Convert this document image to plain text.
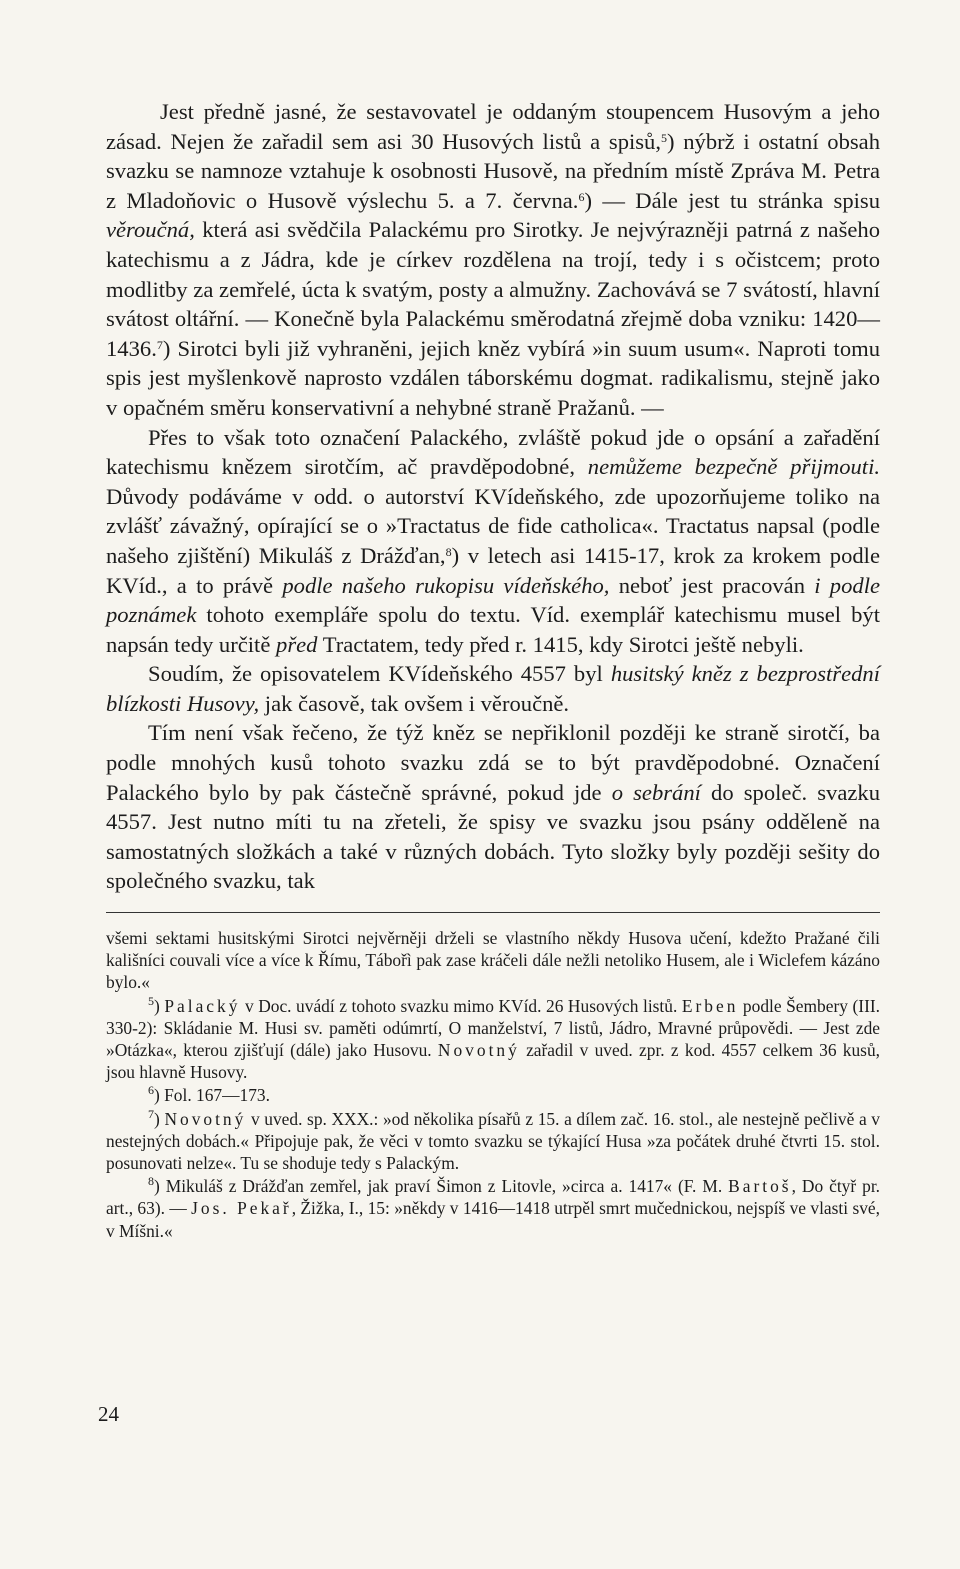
Jest předně jasné, že sestavovatel je oddaným stoupencem Husovým a jeho zásad. Nejen že zařadil sem asi 30 Husových listů a spisů,$^5$) nýbrž i ostatní obsah svazku se namnoze vztahuje k osobnosti Husově, na předním místě Zpráva M. Petra z Mladoňovic o Husově výslechu 5. a 7. června.$^6$) — Dále jest tu stránka spisu věroučná, která asi svědčila Palackému pro Sirotky. Je nejvýrazněji patrná z našeho katechismu a z Jádra, kde je církev rozdělena na trojí, tedy i s očistcem; proto modlitby za zemřelé, úcta k svatým, posty a almužny. Zachovává se 7 svátostí, hlavní svátost oltářní. — Konečně byla Palackému směrodatná zřejmě doba vzniku: 1420—1436.$^7$) Sirotci byli již vyhraněni, jejich kněz vybírá »in suum usum«. Naproti tomu spis jest myšlenkově naprosto vzdálen táborskému dogmat. radikalismu, stejně jako v opačném směru konservativní a nehybné straně Pražanů. —

Přes to však toto označení Palackého, zvláště pokud jde o opsání a zařadění katechismu knězem sirotčím, ač pravděpodobné, nemůžeme bezpečně přijmouti. Důvody podáváme v odd. o autorství KVídeňského, zde upozorňujeme toliko na zvlášť závažný, opírající se o »Tractatus de fide catholica«. Tractatus napsal (podle našeho zjištění) Mikuláš z Drážďan,$^8$) v letech asi 1415-17, krok za krokem podle KVíd., a to právě podle našeho rukopisu vídeňského, neboť jest pracován i podle poznámek tohoto exempláře spolu do textu. Víd. exemplář katechismu musel být napsán tedy určitě před Tractatem, tedy před r. 1415, kdy Sirotci ještě nebyli.

Soudím, že opisovatelem KVídeňského 4557 byl husitský kněz z bezprostřední blízkosti Husovy, jak časově, tak ovšem i věroučně.

Tím není však řečeno, že týž kněz se nepřiklonil později ke straně sirotčí, ba podle mnohých kusů tohoto svazku zdá se to být pravděpodobné. Označení Palackého bylo by pak částečně správné, pokud jde o sebrání do společ. svazku 4557. Jest nutno míti tu na zřeteli, že spisy ve svazku jsou psány odděleně na samostatných složkách a také v různých dobách. Tyto složky byly později sešity do společného svazku, tak

všemi sektami husitskými Sirotci nejvěrněji drželi se vlastního někdy Husova učení, kdežto Pražané čili kališníci couvali více a více k Římu, Tábořì pak zase kráčeli dále nežli netoliko Husem, ale i Wiclefem kázáno bylo.«

$^5$) Palacký v Doc. uvádí z tohoto svazku mimo KVíd. 26 Husových listů. Erben podle Šembery (III. 330-2): Skládanie M. Husi sv. paměti odúmrtí, O manželství, 7 listů, Jádro, Mravné průpovědi. — Jest zde »Otázka«, kterou zjišťují (dále) jako Husovu. Novotný zařadil v uved. zpr. z kod. 4557 celkem 36 kusů, jsou hlavně Husovy.

$^6$) Fol. 167—173.

$^7$) Novotný v uved. sp. XXX.: »od několika písařů z 15. a dílem zač. 16. stol., ale nestejně pečlivě a v nestejných dobách.« Připojuje pak, že věci v tomto svazku se týkající Husa »za počátek druhé čtvrti 15. stol. posunovati nelze«. Tu se shoduje tedy s Palackým.

$^8$) Mikuláš z Drážďan zemřel, jak praví Šimon z Litovle, »circa a. 1417« (F. M. Bartoš, Do čtyř pr. art., 63). — Jos. Pekař, Žižka, I., 15: »někdy v 1416—1418 utrpěl smrt mučednickou, nejspíš ve vlasti své, v Míšni.«

24
